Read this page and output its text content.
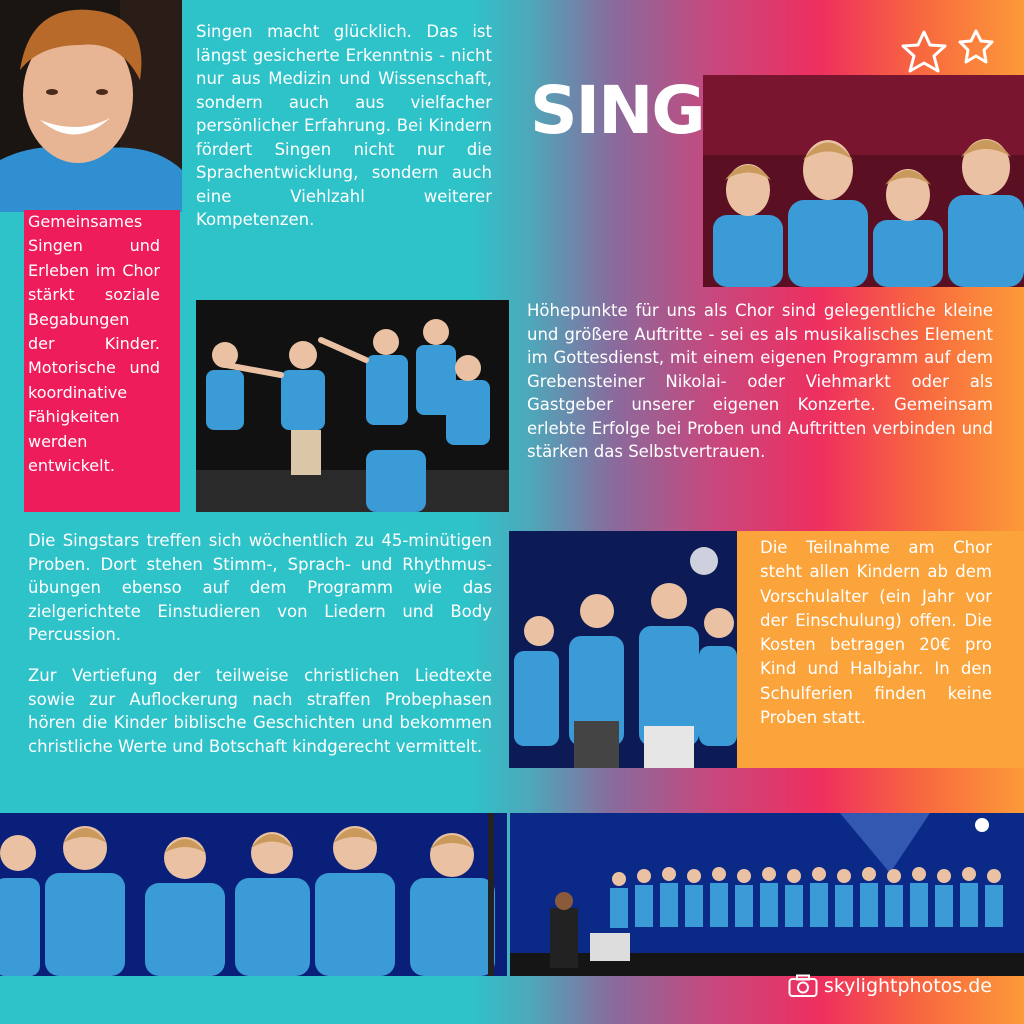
Gemeinsames Singen und Erleben im Chor stärkt soziale Begabungen der Kinder. Motorische und koordinative Fähigkeiten werden entwickelt.

Singen macht glücklich. Das ist längst gesicherte Erkenntnis - nicht nur aus Medizin und Wissenschaft, sondern auch aus vielfacher persönlicher Erfahrung. Bei Kindern fördert Singen nicht nur die Sprachentwicklung, sondern auch eine Viehlzahl weiterer Kompetenzen.

SING

Höhepunkte für uns als Chor sind gelegentliche kleine und größere Auftritte - sei es als musikalisches Element im Gottesdienst, mit einem eigenen Programm auf dem Grebensteiner Nikolai- oder Viehmarkt oder als Gastgeber unserer eigenen Konzerte. Gemeinsam erlebte Erfolge bei Proben und Auftritten verbinden und stärken das Selbstvertrauen.

Die Singstars treffen sich wöchentlich zu 45-minütigen Proben. Dort stehen Stimm-, Sprach- und Rhythmus-übungen ebenso auf dem Programm wie das zielgerichtete Einstudieren von Liedern und Body Percussion.

Zur Vertiefung der teilweise christlichen Liedtexte sowie zur Auflockerung nach straffen Probephasen hören die Kinder biblische Geschichten und bekommen christliche Werte und Botschaft kindgerecht vermittelt.

Die Teilnahme am Chor steht allen Kindern ab dem Vorschulalter (ein Jahr vor der Einschulung) offen. Die Kosten betragen 20€ pro Kind und Halbjahr. In den Schulferien finden keine Proben statt.

skylightphotos.de
